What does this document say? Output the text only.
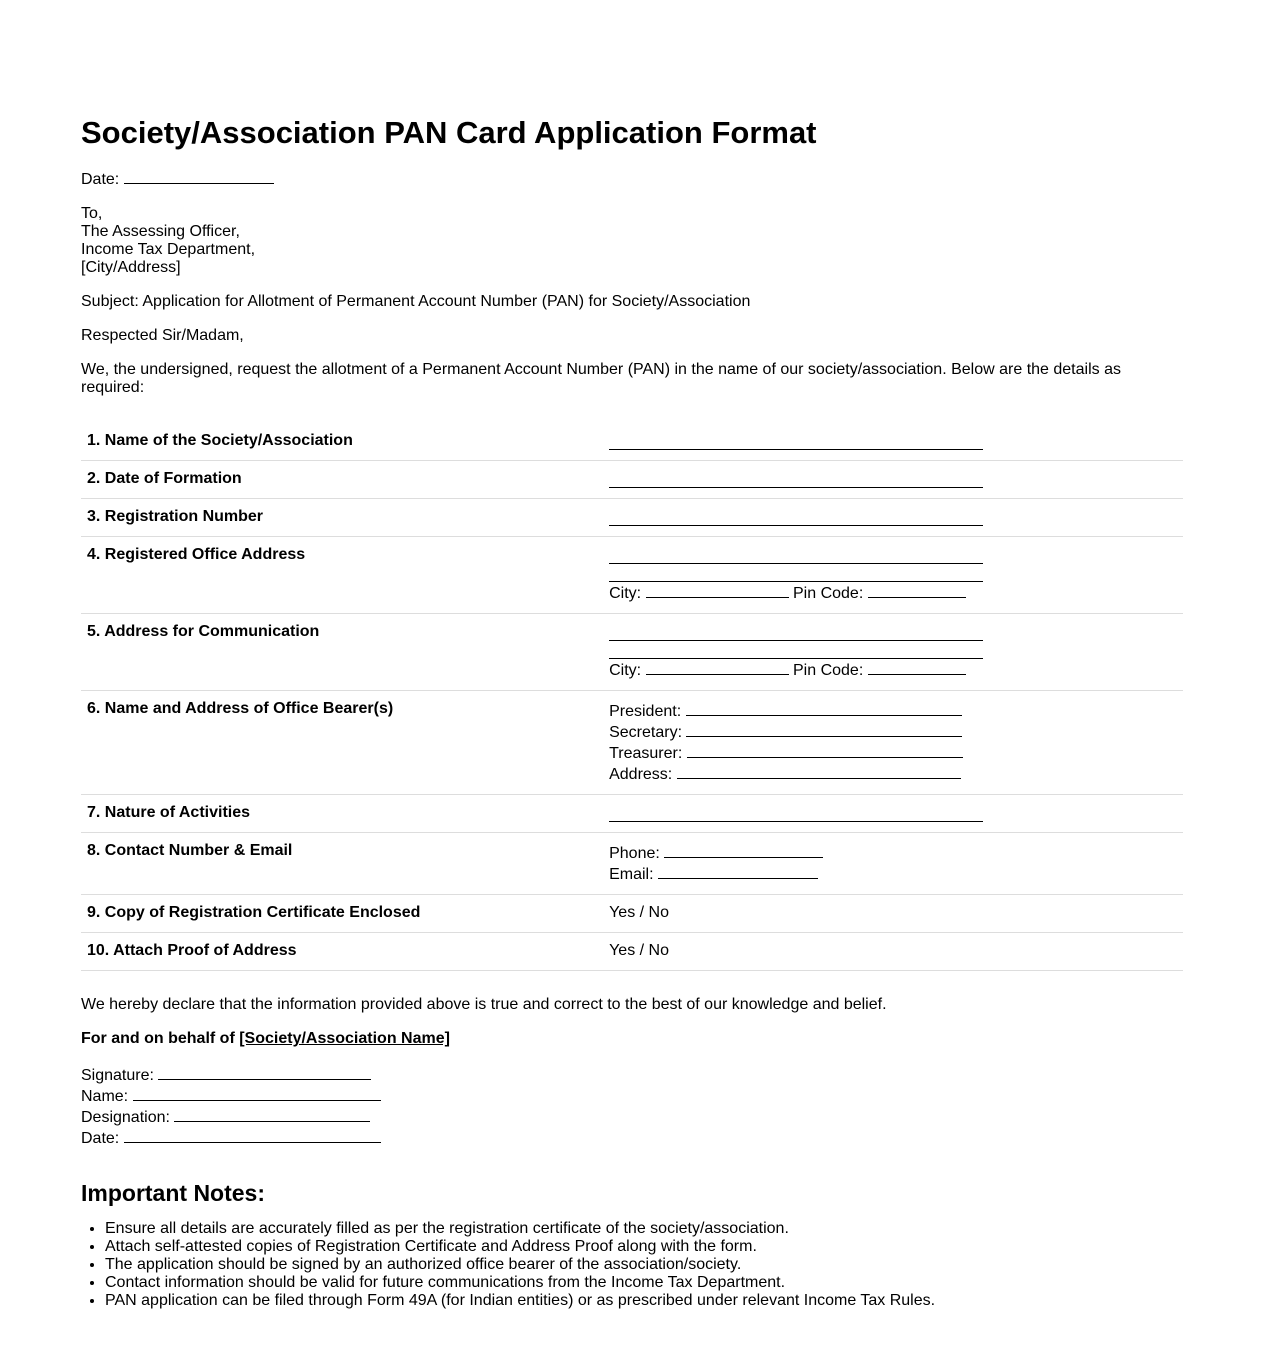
Society/Association PAN Card Application Format

Date:

To,

The Assessing Officer,

Income Tax Department,

[City/Address]

Subject: Application for Allotment of Permanent Account Number (PAN) for Society/Association

Respected Sir/Madam,

We, the undersigned, request the allotment of a Permanent Account Number (PAN) in the name of our society/association. Below are the details as required:

1. Name of the Society/Association	

2. Date of Formation	

3. Registration Number	

4. Registered Office Address	City: Pin Code:

5. Address for Communication	City: Pin Code:

6. Name and Address of Office Bearer(s)	President:
Secretary:
Treasurer:
Address:

7. Nature of Activities	

8. Contact Number & Email	Phone:
Email:

9. Copy of Registration Certificate Enclosed	Yes / No
10. Attach Proof of Address	Yes / No

We hereby declare that the information provided above is true and correct to the best of our knowledge and belief.

For and on behalf of [Society/Association Name]

Signature:

Name:

Designation:

Date:

Important Notes:
• Ensure all details are accurately filled as per the registration certificate of the society/association.
• Attach self-attested copies of Registration Certificate and Address Proof along with the form.
• The application should be signed by an authorized office bearer of the association/society.
• Contact information should be valid for future communications from the Income Tax Department.
• PAN application can be filed through Form 49A (for Indian entities) or as prescribed under relevant Income Tax Rules.
